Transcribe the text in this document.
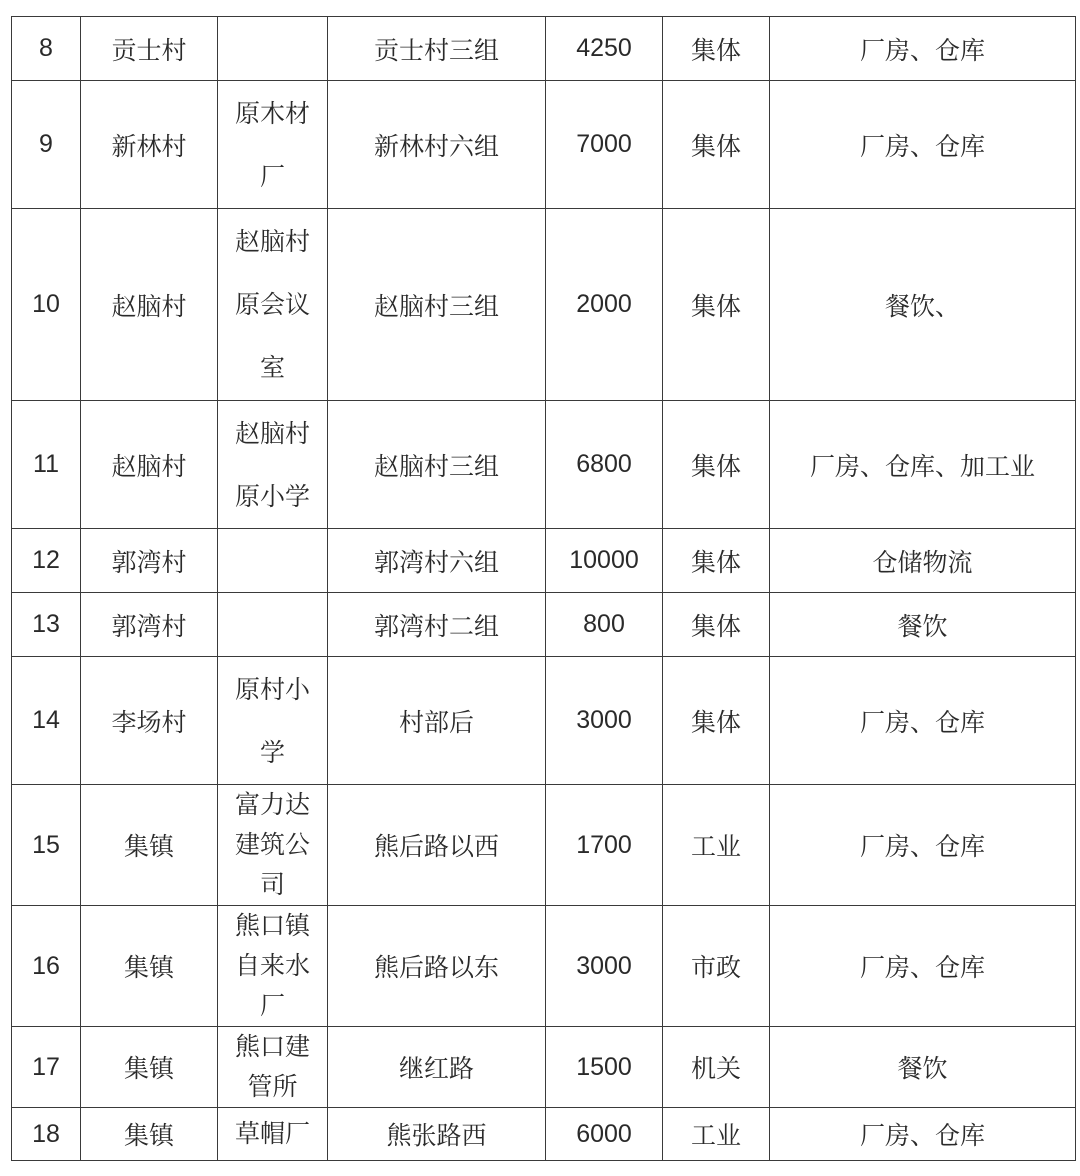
8	贡士村		贡士村三组	4250	集体	厂房、仓库
9	新林村	原木材厂	新林村六组	7000	集体	厂房、仓库
10	赵脑村	赵脑村原会议室	赵脑村三组	2000	集体	餐饮、
11	赵脑村	赵脑村原小学	赵脑村三组	6800	集体	厂房、仓库、加工业
12	郭湾村		郭湾村六组	10000	集体	仓储物流
13	郭湾村		郭湾村二组	800	集体	餐饮
14	李场村	原村小学	村部后	3000	集体	厂房、仓库
15	集镇	富力达建筑公司	熊后路以西	1700	工业	厂房、仓库
16	集镇	熊口镇自来水厂	熊后路以东	3000	市政	厂房、仓库
17	集镇	熊口建管所	继红路	1500	机关	餐饮
18	集镇	草帽厂	熊张路西	6000	工业	厂房、仓库
